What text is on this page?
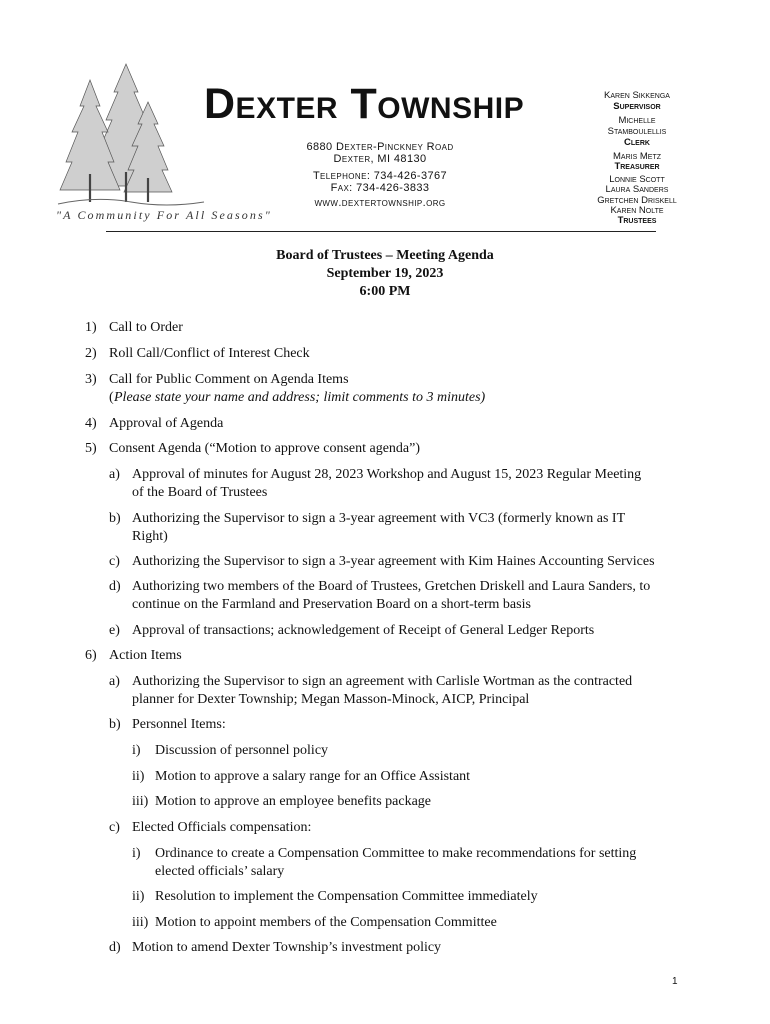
"A Community For All Seasons"
Dexter Township
6880 Dexter-Pinckney Road
Dexter, MI 48130
Telephone: 734-426-3767
Fax: 734-426-3833
www.dextertownship.org
Karen Sikkenga
Supervisor
Michelle
Stamboulellis
Clerk
Maris Metz
Treasurer
Lonnie Scott
Laura Sanders
Gretchen Driskell
Karen Nolte
Trustees
Board of Trustees – Meeting Agenda
September 19, 2023
6:00 PM
1) Call to Order
2) Roll Call/Conflict of Interest Check
3) Call for Public Comment on Agenda Items
( Please state your name and address; limit comments to 3 minutes)
4) Approval of Agenda
5) Consent Agenda (“Motion to approve consent agenda”)
a) Approval of minutes for August 28, 2023 Workshop and August 15, 2023 Regular Meeting
of the Board of Trustees
b) Authorizing the Supervisor to sign a 3-year agreement with VC3 (formerly known as IT
Right)
c) Authorizing the Supervisor to sign a 3-year agreement with Kim Haines Accounting Services
d) Authorizing two members of the Board of Trustees, Gretchen Driskell and Laura Sanders, to
continue on the Farmland and Preservation Board on a short-term basis
e) Approval of transactions; acknowledgement of Receipt of General Ledger Reports
6) Action Items
a) Authorizing the Supervisor to sign an agreement with Carlisle Wortman as the contracted
planner for Dexter Township; Megan Masson-Minock, AICP, Principal
b) Personnel Items:
i) Discussion of personnel policy
ii) Motion to approve a salary range for an Office Assistant
iii) Motion to approve an employee benefits package
c) Elected Officials compensation:
i) Ordinance to create a Compensation Committee to make recommendations for setting
elected officials’ salary
ii) Resolution to implement the Compensation Committee immediately
iii) Motion to appoint members of the Compensation Committee
d) Motion to amend Dexter Township’s investment policy
1
